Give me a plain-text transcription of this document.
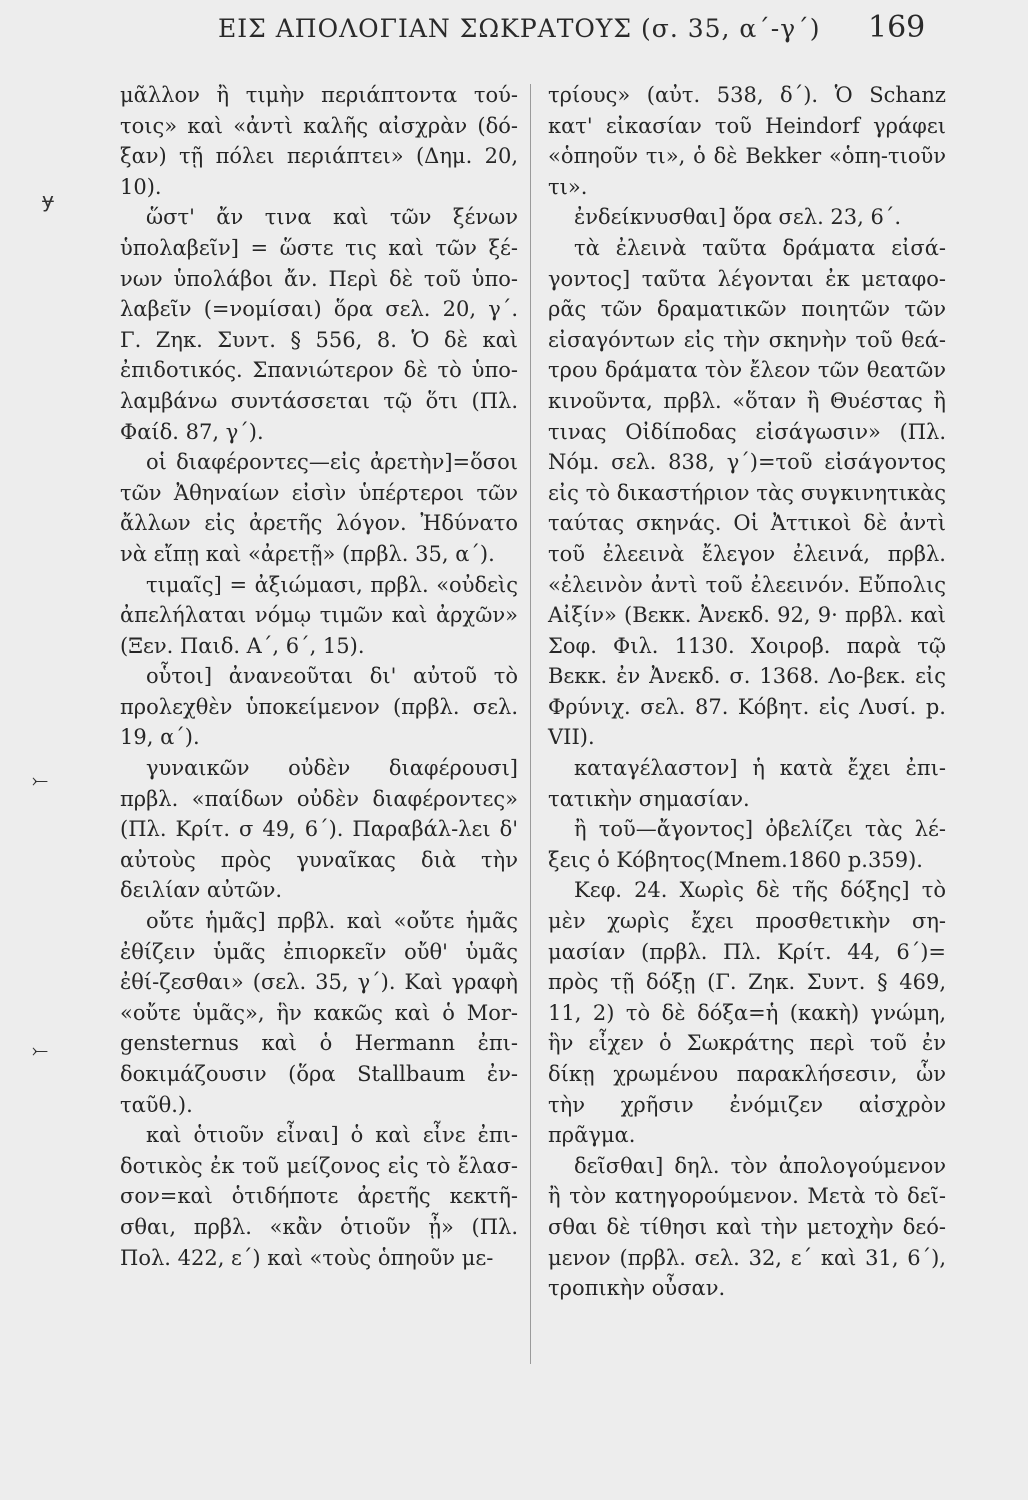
ΕΙΣ ΑΠΟΛΟΓΙΑΝ ΣΩΚΡΑΤΟΥΣ (σ. 35, α΄-γ΄)	169
ɏ
⤚
⤚

μᾶλλον ἢ τιμὴν περιάπτοντα τού-τοις» καὶ «ἀντὶ καλῆς αἰσχρὰν (δό-ξαν) τῇ πόλει περιάπτει» (Δημ. 20, 10).

ὥστ' ἄν τινα καὶ τῶν ξένων ὑπολαβεῖν] = ὥστε τις καὶ τῶν ξέ-νων ὑπολάβοι ἄν. Περὶ δὲ τοῦ ὑπο-λαβεῖν (=νομίσαι) ὅρα σελ. 20, γ΄. Γ. Ζηκ. Συντ. § 556, 8. Ὁ δὲ καὶ ἐπιδοτικός. Σπανιώτερον δὲ τὸ ὑπο-λαμβάνω συντάσσεται τῷ ὅτι (Πλ. Φαίδ. 87, γ΄).

οἱ διαφέροντες—εἰς ἀρετὴν]=ὅσοι τῶν Ἀθηναίων εἰσὶν ὑπέρτεροι τῶν ἄλλων εἰς ἀρετῆς λόγον. Ἠδύνατο νὰ εἴπῃ καὶ «ἀρετῇ» (πρβλ. 35, α΄).

τιμαῖς] = ἀξιώμασι, πρβλ. «οὐδεὶς ἀπελήλαται νόμῳ τιμῶν καὶ ἀρχῶν» (Ξεν. Παιδ. Α΄, 6΄, 15).

οὗτοι] ἀνανεοῦται δι' αὐτοῦ τὸ προλεχθὲν ὑποκείμενον (πρβλ. σελ. 19, α΄).

γυναικῶν οὐδὲν διαφέρουσι] πρβλ. «παίδων οὐδὲν διαφέροντες» (Πλ. Κρίτ. σ 49, 6΄). Παραβάλ-λει δ' αὐτοὺς πρὸς γυναῖκας διὰ τὴν δειλίαν αὐτῶν.

οὔτε ἡμᾶς] πρβλ. καὶ «οὔτε ἡμᾶς ἐθίζειν ὑμᾶς ἐπιορκεῖν οὔθ' ὑμᾶς ἐθί-ζεσθαι» (σελ. 35, γ΄). Καὶ γραφὴ «οὔτε ὑμᾶς», ἣν κακῶς καὶ ὁ Mor-gensternus καὶ ὁ Hermann ἐπι-δοκιμάζουσιν (ὅρα Stallbaum ἐν-ταῦθ.).

καὶ ὁτιοῦν εἶναι] ὁ καὶ εἶνε ἐπι-δοτικὸς ἐκ τοῦ μείζονος εἰς τὸ ἔλασ-σον=καὶ ὁτιδήποτε ἀρετῆς κεκτῆ-σθαι, πρβλ. «κἂν ὁτιοῦν ᾖ» (Πλ. Πολ. 422, ε΄) καὶ «τοὺς ὁπηοῦν με-

τρίους» (αὐτ. 538, δ΄). Ὁ Schanz κατ' εἰκασίαν τοῦ Heindorf γράφει «ὁπηοῦν τι», ὁ δὲ Bekker «ὁπη-τιοῦν τι».

ἐνδείκνυσθαι] ὅρα σελ. 23, 6΄.

τὰ ἐλεινὰ ταῦτα δράματα εἰσά-γοντος] ταῦτα λέγονται ἐκ μεταφο-ρᾶς τῶν δραματικῶν ποιητῶν τῶν εἰσαγόντων εἰς τὴν σκηνὴν τοῦ θεά-τρου δράματα τὸν ἔλεον τῶν θεατῶν κινοῦντα, πρβλ. «ὅταν ἢ Θυέστας ἢ τινας Οἰδίποδας εἰσάγωσιν» (Πλ. Νόμ. σελ. 838, γ΄)=τοῦ εἰσάγοντος εἰς τὸ δικαστήριον τὰς συγκινητικὰς ταύτας σκηνάς. Οἱ Ἀττικοὶ δὲ ἀντὶ τοῦ ἐλεεινὰ ἔλεγον ἐλεινά, πρβλ. «ἐλεινὸν ἀντὶ τοῦ ἐλεεινόν. Εὔπολις Αἰξίν» (Βεκκ. Ἀνεκδ. 92, 9· πρβλ. καὶ Σοφ. Φιλ. 1130. Χοιροβ. παρὰ τῷ Βεκκ. ἐν Ἀνεκδ. σ. 1368. Λο-βεκ. εἰς Φρύνιχ. σελ. 87. Κόβητ. εἰς Λυσί. p. VII).

καταγέλαστον] ἡ κατὰ ἔχει ἐπι-τατικὴν σημασίαν.

ἢ τοῦ—ἄγοντος] ὀβελίζει τὰς λέ-ξεις ὁ Κόβητος(Mnem.1860 p.359).

Κεφ. 24. Χωρὶς δὲ τῆς δόξης] τὸ μὲν χωρὶς ἔχει προσθετικὴν ση-μασίαν (πρβλ. Πλ. Κρίτ. 44, 6΄)= πρὸς τῇ δόξῃ (Γ. Ζηκ. Συντ. § 469, 11, 2) τὸ δὲ δόξα=ἡ (κακὴ) γνώμη, ἣν εἶχεν ὁ Σωκράτης περὶ τοῦ ἐν δίκῃ χρωμένου παρακλήσεσιν, ὧν τὴν χρῆσιν ἐνόμιζεν αἰσχρὸν πρᾶγμα.

δεῖσθαι] δηλ. τὸν ἀπολογούμενον ἢ τὸν κατηγορούμενον. Μετὰ τὸ δεῖ-σθαι δὲ τίθησι καὶ τὴν μετοχὴν δεό-μενον (πρβλ. σελ. 32, ε΄ καὶ 31, 6΄), τροπικὴν οὖσαν.
